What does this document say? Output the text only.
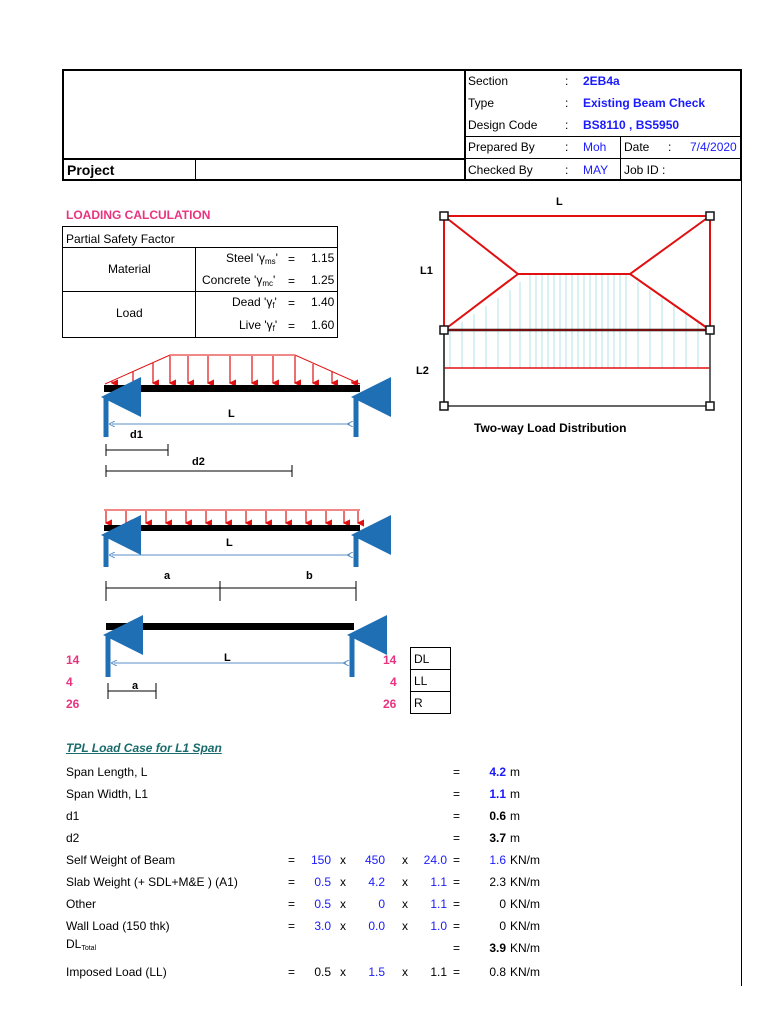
Project
Section	: 2EB4a
Type	: Existing Beam Check
Design Code : BS8110 , BS5950
Prepared By	: Moh Date : 7/4/2020
Checked By	: MAY Job ID :
LOADING CALCULATION
Partial Safety Factor
Material
Load
Steel '$\gamma_{ms}' = 1.15$
Concrete '$\gamma_{mc}' = 1.25$
Dead '$\gamma_f' = 1.40$
Live '$\gamma_f' = 1.60$
L
d1
d2
L
a	b
L
a
14
4
26
14
4
26
DL
LL
R
L
L1
L2
Two-way Load Distribution
TPL Load Case for L1 Span
Span Length, L	= 4.2 m
Span Width, L1	= 1.1 m
d1	= 0.6 m
d2	= 3.7 m
Self Weight of Beam	= 150 x 450 x 24.0 = 1.6 KN/m
Slab Weight (+ SDL+M&E ) (A1)	= 0.5 x 4.2 x 1.1 = 2.3 KN/m
Other	= 0.5 x	0 x 1.1 =	0 KN/m
Wall Load (150 thk)	= 3.0 x 0.0 x 1.0 =	0 KN/m
$DL_{Total}$	= 3.9 KN/m
Imposed Load (LL)	= 0.5 x 1.5 x 1.1 = 0.8 KN/m
